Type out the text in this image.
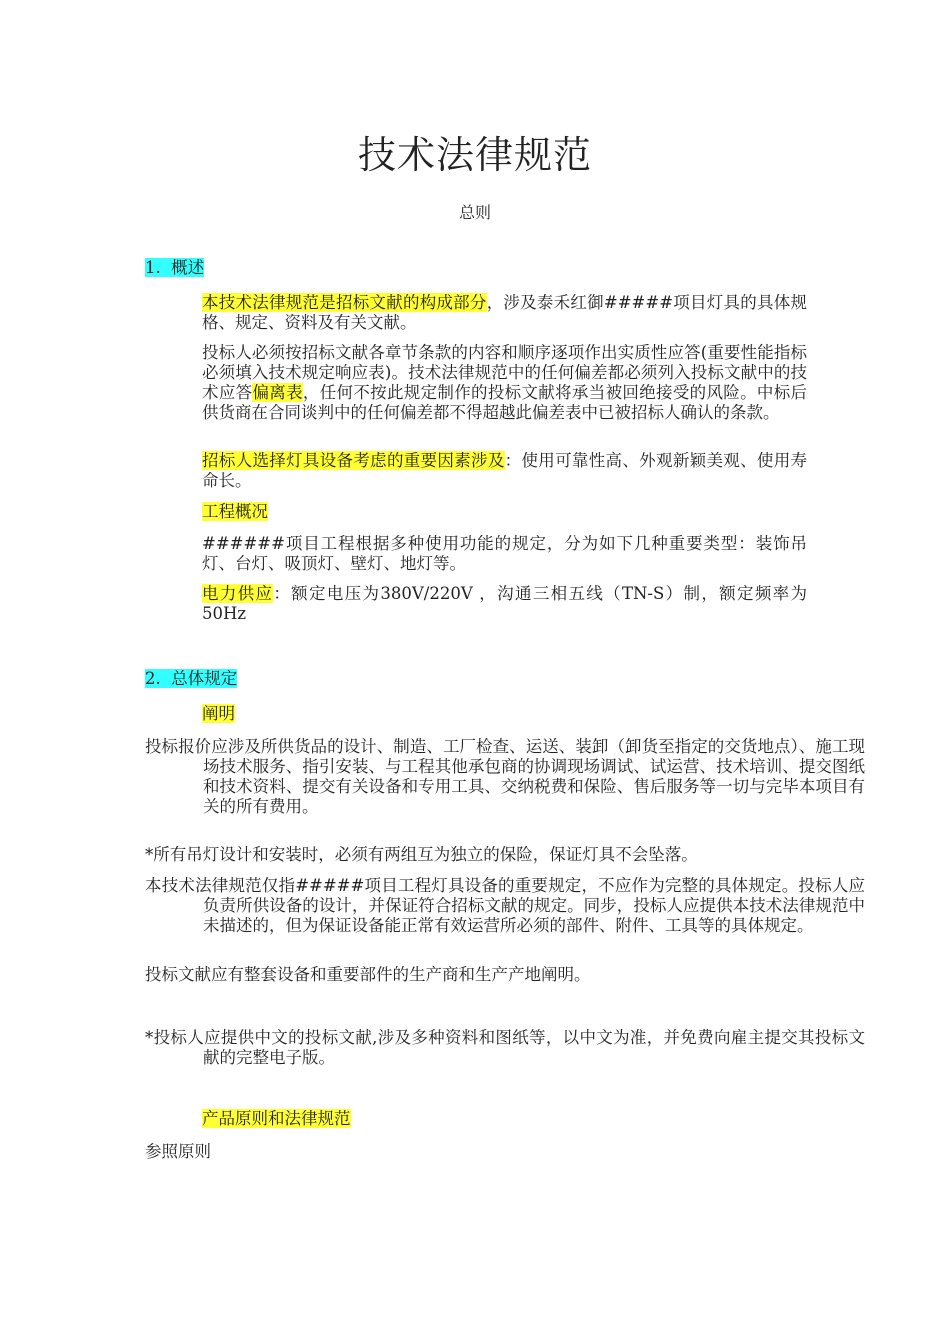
技术法律规范
总则
1.  概述

本技术法律规范是招标文献的构成部分，涉及泰禾红御#####项目灯具的具体规格、规定、资料及有关文献。

投标人必须按招标文献各章节条款的内容和顺序逐项作出实质性应答(重要性能指标必须填入技术规定响应表)。技术法律规范中的任何偏差都必须列入投标文献中的技术应答偏离表，任何不按此规定制作的投标文献将承当被回绝接受的风险。中标后供货商在合同谈判中的任何偏差都不得超越此偏差表中已被招标人确认的条款。

招标人选择灯具设备考虑的重要因素涉及：使用可靠性高、外观新颖美观、使用寿命长。

工程概况

######项目工程根据多种使用功能的规定，分为如下几种重要类型：装饰吊灯、台灯、吸顶灯、壁灯、地灯等。

电力供应：额定电压为380V/220V ，沟通三相五线（TN-S）制，额定频率为50Hz

2.  总体规定

阐明

投标报价应涉及所供货品的设计、制造、工厂检查、运送、装卸（卸货至指定的交货地点）、施工现场技术服务、指引安装、与工程其他承包商的协调现场调试、试运营、技术培训、提交图纸和技术资料、提交有关设备和专用工具、交纳税费和保险、售后服务等一切与完毕本项目有关的所有费用。

*所有吊灯设计和安装时，必须有两组互为独立的保险，保证灯具不会坠落。

本技术法律规范仅指#####项目工程灯具设备的重要规定，不应作为完整的具体规定。投标人应负责所供设备的设计，并保证符合招标文献的规定。同步，投标人应提供本技术法律规范中未描述的，但为保证设备能正常有效运营所必须的部件、附件、工具等的具体规定。

投标文献应有整套设备和重要部件的生产商和生产产地阐明。

*投标人应提供中文的投标文献,涉及多种资料和图纸等，以中文为准，并免费向雇主提交其投标文献的完整电子版。

产品原则和法律规范

参照原则
